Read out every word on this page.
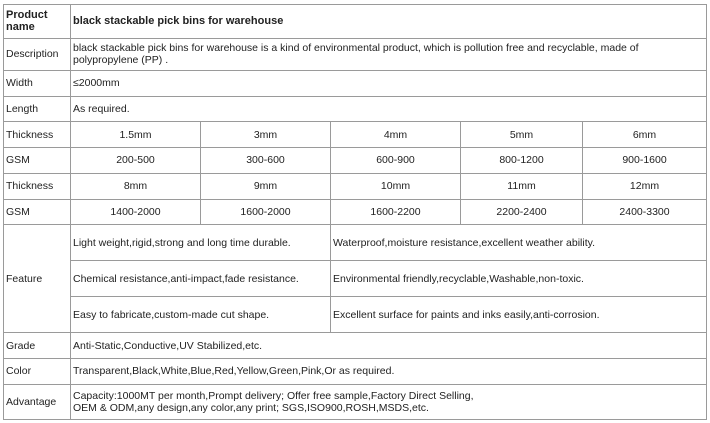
Product name	black stackable pick bins for warehouse				
Description	black stackable pick bins for warehouse is a kind of environmental product, which is pollution free and recyclable, made of polypropylene (PP) .				
Width	≤2000mm				
Length	As required.				
Thickness	1.5mm	3mm	4mm	5mm	6mm
GSM	200-500	300-600	600-900	800-1200	900-1600
Thickness	8mm	9mm	10mm	11mm	12mm
GSM	1400-2000	1600-2000	1600-2200	2200-2400	2400-3300
Feature	Light weight,rigid,strong and long time durable.		Waterproof,moisture resistance,excellent weather ability.		
	Chemical resistance,anti-impact,fade resistance.		Environmental friendly,recyclable,Washable,non-toxic.		
	Easy to fabricate,custom-made cut shape.		Excellent surface for paints and inks easily,anti-corrosion.		
Grade	Anti-Static,Conductive,UV Stabilized,etc.				
Color	Transparent,Black,White,Blue,Red,Yellow,Green,Pink,Or as required.				
Advantage	Capacity:1000MT per month,Prompt delivery; Offer free sample,Factory Direct Selling,
OEM & ODM,any design,any color,any print; SGS,ISO900,ROSH,MSDS,etc.				
